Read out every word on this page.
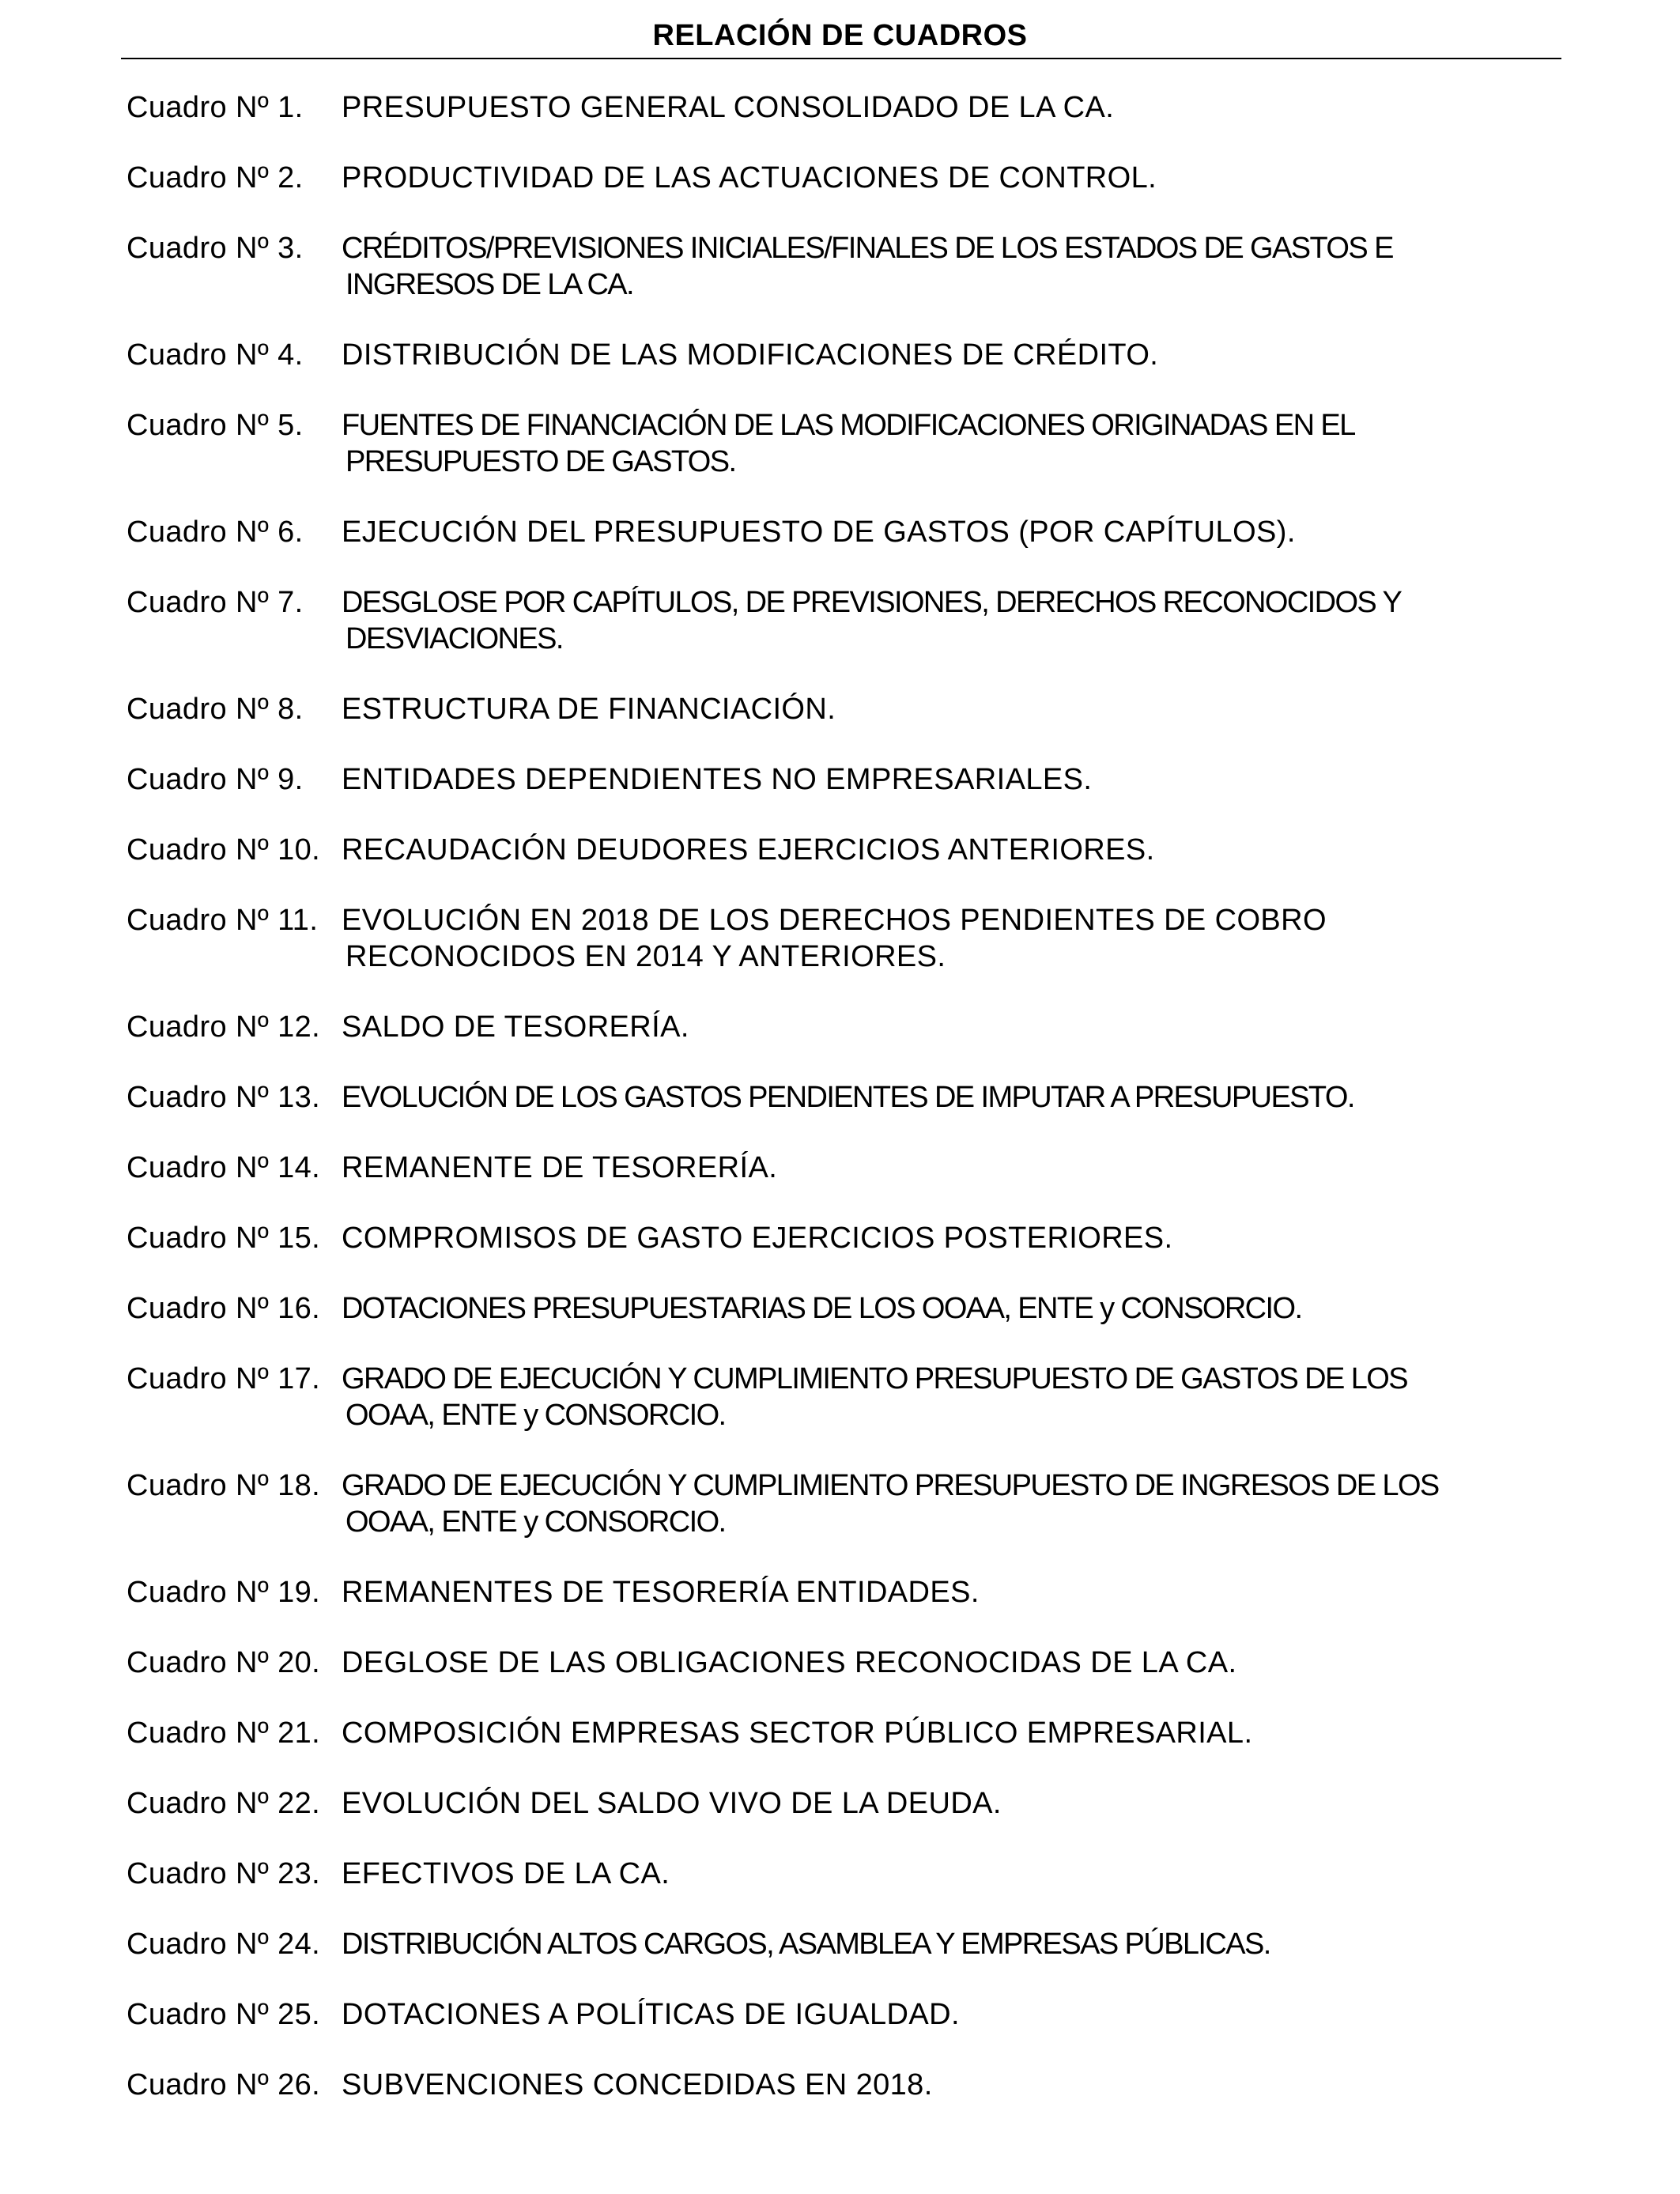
RELACIÓN DE CUADROS
Cuadro Nº 1. PRESUPUESTO GENERAL CONSOLIDADO DE LA CA.
Cuadro Nº 2. PRODUCTIVIDAD DE LAS ACTUACIONES DE CONTROL.
Cuadro Nº 3. CRÉDITOS/PREVISIONES INICIALES/FINALES DE LOS ESTADOS DE GASTOS E
INGRESOS DE LA CA.
Cuadro Nº 4. DISTRIBUCIÓN DE LAS MODIFICACIONES DE CRÉDITO.
Cuadro Nº 5. FUENTES DE FINANCIACIÓN DE LAS MODIFICACIONES ORIGINADAS EN EL
PRESUPUESTO DE GASTOS.
Cuadro Nº 6. EJECUCIÓN DEL PRESUPUESTO DE GASTOS (POR CAPÍTULOS).
Cuadro Nº 7. DESGLOSE POR CAPÍTULOS, DE PREVISIONES, DERECHOS RECONOCIDOS Y
DESVIACIONES.
Cuadro Nº 8. ESTRUCTURA DE FINANCIACIÓN.
Cuadro Nº 9. ENTIDADES DEPENDIENTES NO EMPRESARIALES.
Cuadro Nº 10. RECAUDACIÓN DEUDORES EJERCICIOS ANTERIORES.
Cuadro Nº 11. EVOLUCIÓN EN 2018 DE LOS DERECHOS PENDIENTES DE COBRO
RECONOCIDOS EN 2014 Y ANTERIORES.
Cuadro Nº 12. SALDO DE TESORERÍA.
Cuadro Nº 13. EVOLUCIÓN DE LOS GASTOS PENDIENTES DE IMPUTAR A PRESUPUESTO.
Cuadro Nº 14. REMANENTE DE TESORERÍA.
Cuadro Nº 15. COMPROMISOS DE GASTO EJERCICIOS POSTERIORES.
Cuadro Nº 16. DOTACIONES PRESUPUESTARIAS DE LOS OOAA, ENTE y CONSORCIO.
Cuadro Nº 17. GRADO DE EJECUCIÓN Y CUMPLIMIENTO PRESUPUESTO DE GASTOS DE LOS
OOAA, ENTE y CONSORCIO.
Cuadro Nº 18. GRADO DE EJECUCIÓN Y CUMPLIMIENTO PRESUPUESTO DE INGRESOS DE LOS
OOAA, ENTE y CONSORCIO.
Cuadro Nº 19. REMANENTES DE TESORERÍA ENTIDADES.
Cuadro Nº 20. DEGLOSE DE LAS OBLIGACIONES RECONOCIDAS DE LA CA.
Cuadro Nº 21. COMPOSICIÓN EMPRESAS SECTOR PÚBLICO EMPRESARIAL.
Cuadro Nº 22. EVOLUCIÓN DEL SALDO VIVO DE LA DEUDA.
Cuadro Nº 23. EFECTIVOS DE LA CA.
Cuadro Nº 24. DISTRIBUCIÓN ALTOS CARGOS, ASAMBLEA Y EMPRESAS PÚBLICAS.
Cuadro Nº 25. DOTACIONES A POLÍTICAS DE IGUALDAD.
Cuadro Nº 26. SUBVENCIONES CONCEDIDAS EN 2018.
